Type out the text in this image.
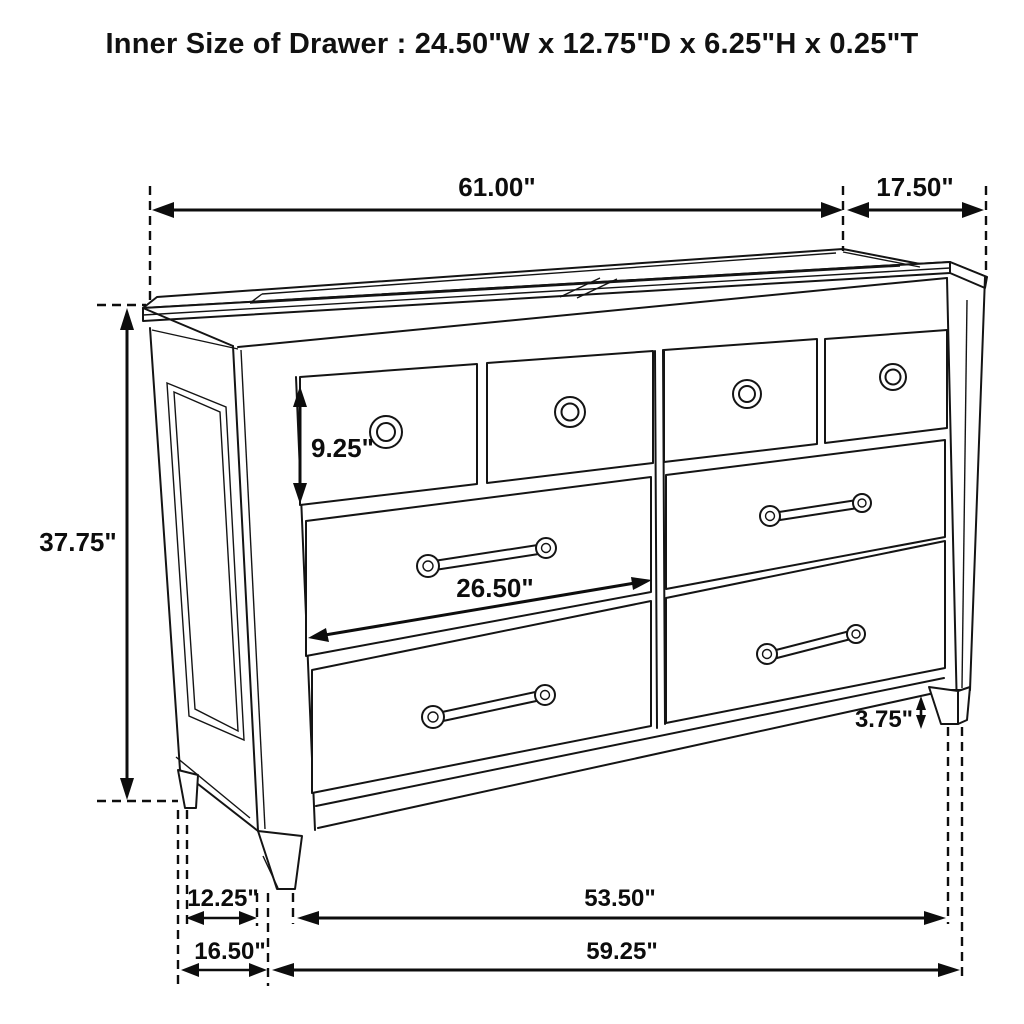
Inner Size of Drawer : 24.50"W x 12.75"D x 6.25"H x 0.25"T
61.00"	17.50"
37.75"
9.25"
26.50"
3.75"
12.25"	53.50"
16.50"	59.25"
